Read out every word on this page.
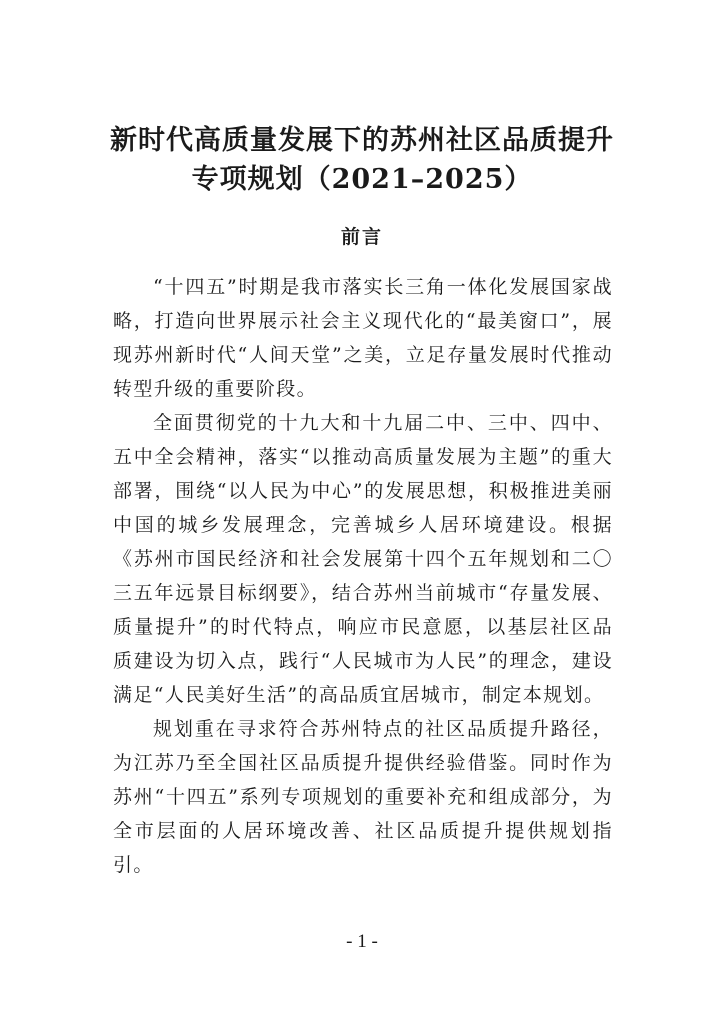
新时代高质量发展下的苏州社区品质提升
专项规划（2021–2025）
前言

“十四五”时期是我市落实长三角一体化发展国家战略，打造向世界展示社会主义现代化的“最美窗口”，展现苏州新时代“人间天堂”之美，立足存量发展时代推动转型升级的重要阶段。

全面贯彻党的十九大和十九届二中、三中、四中、五中全会精神，落实“以推动高质量发展为主题”的重大部署，围绕“以人民为中心”的发展思想，积极推进美丽中国的城乡发展理念，完善城乡人居环境建设。根据《苏州市国民经济和社会发展第十四个五年规划和二〇三五年远景目标纲要》，结合苏州当前城市“存量发展、质量提升”的时代特点，响应市民意愿，以基层社区品质建设为切入点，践行“人民城市为人民”的理念，建设满足“人民美好生活”的高品质宜居城市，制定本规划。

规划重在寻求符合苏州特点的社区品质提升路径，为江苏乃至全国社区品质提升提供经验借鉴。同时作为苏州“十四五”系列专项规划的重要补充和组成部分，为全市层面的人居环境改善、社区品质提升提供规划指引。

- 1 -
